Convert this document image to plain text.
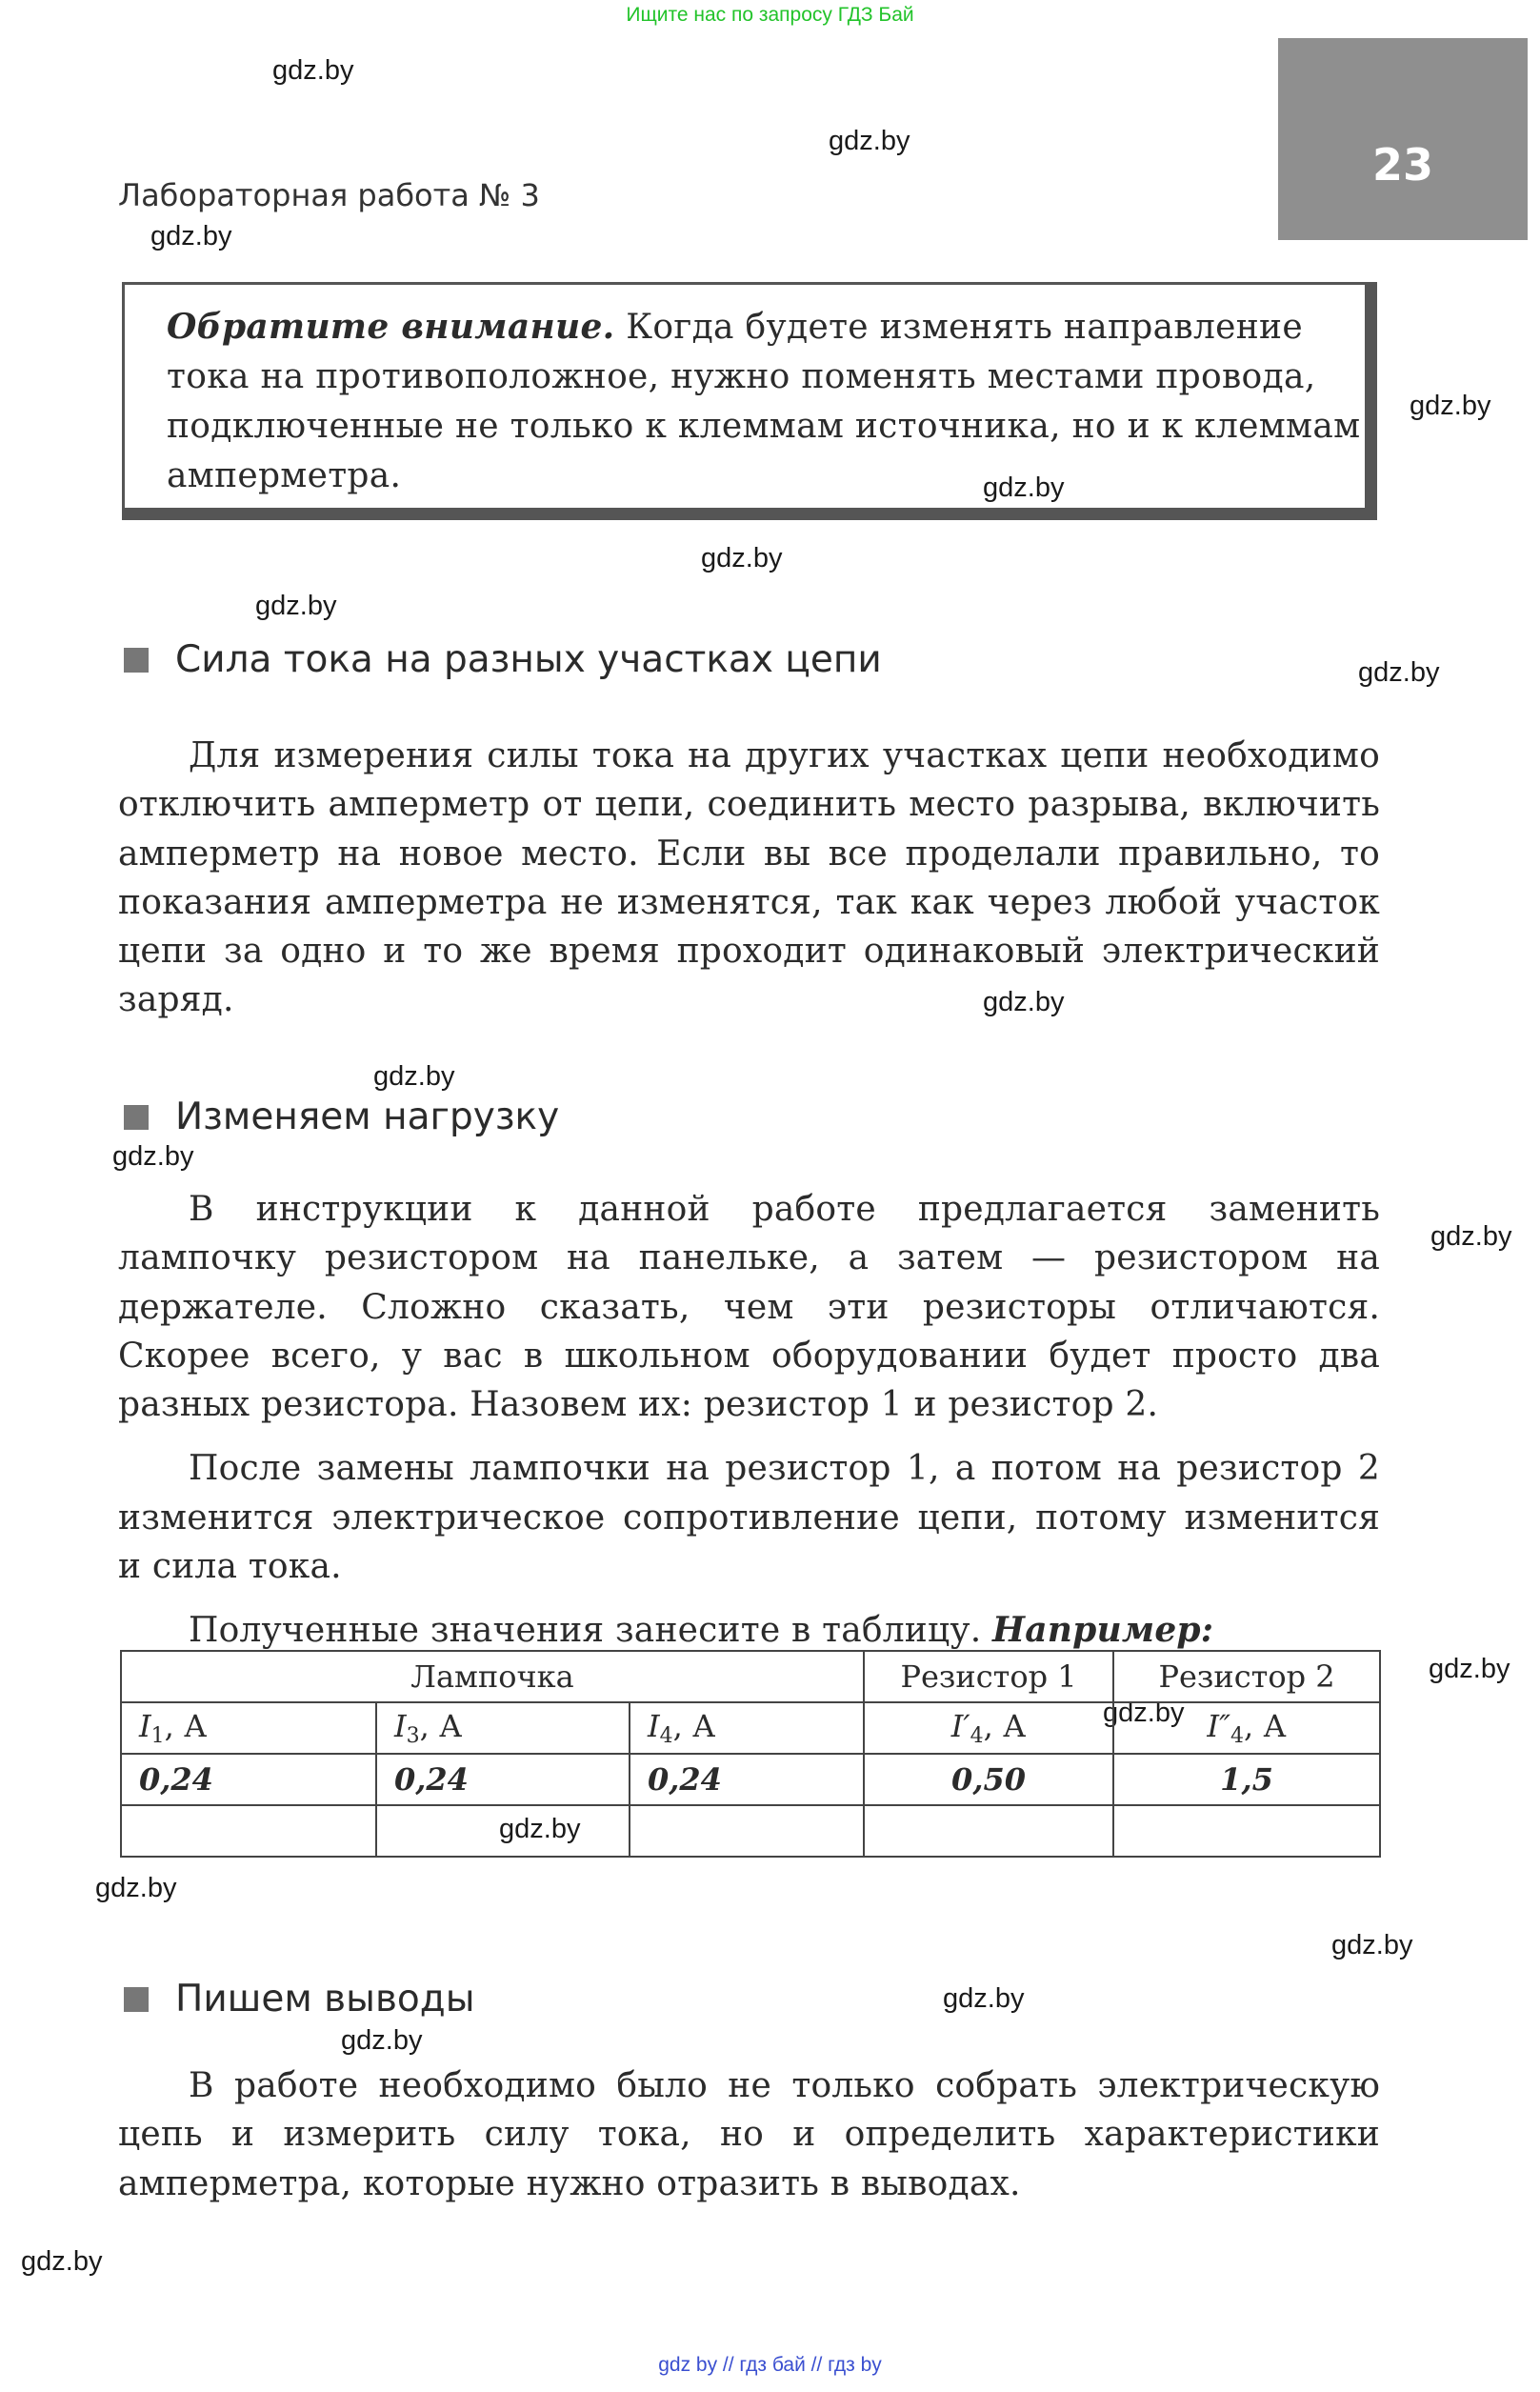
Ищите нас по запросу ГДЗ Бай
23
Лабораторная работа № 3
gdz.by
gdz.by
gdz.by
gdz.by
gdz.by
gdz.by
gdz.by
gdz.by
gdz.by
gdz.by
gdz.by
gdz.by
gdz.by
gdz.by
gdz.by
gdz.by
gdz.by
gdz.by
gdz.by
gdz.by
Обратите внимание. Когда будете изменять направление тока на противоположное, нужно поменять местами провода, подключенные не только к клеммам источника, но и к клеммам амперметра.
Сила тока на разных участках цепи

Для измерения силы тока на других участках цепи необходимо отключить амперметр от цепи, соединить место разрыва, включить амперметр на новое место. Если вы все проделали правильно, то показания амперметра не изменятся, так как через любой участок цепи за одно и то же время проходит одинаковый электрический заряд.

Изменяем нагрузку

В инструкции к данной работе предлагается заменить лампочку резистором на панельке, а затем — резистором на держателе. Сложно сказать, чем эти резисторы отличаются. Скорее всего, у вас в школьном оборудовании будет просто два разных резистора. Назовем их: резистор 1 и резистор 2.

После замены лампочки на резистор 1, а потом на резистор 2 изменится электрическое сопротивление цепи, потому изменится и сила тока.

Полученные значения занесите в таблицу. Например:

Лампочка			Резистор 1	Резистор 2
$I_1$, А	$I_3$, А	$I_4$, А	$I'_4$, А	$I''_4$, А
0,24	0,24	0,24	0,50	1,5

Пишем выводы

В работе необходимо было не только собрать электрическую цепь и измерить силу тока, но и определить характеристики амперметра, которые нужно отразить в выводах.

gdz by // гдз бай // гдз by
